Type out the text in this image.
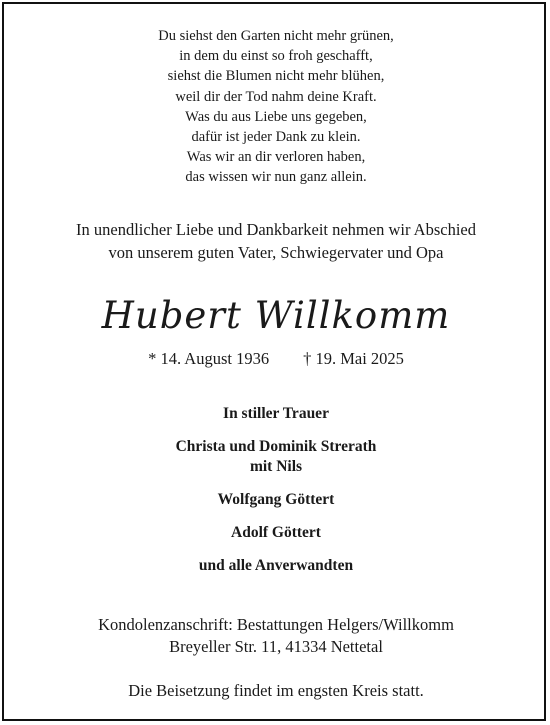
Du siehst den Garten nicht mehr grünen,
in dem du einst so froh geschafft,
siehst die Blumen nicht mehr blühen,
weil dir der Tod nahm deine Kraft.
Was du aus Liebe uns gegeben,
dafür ist jeder Dank zu klein.
Was wir an dir verloren haben,
das wissen wir nun ganz allein.
In unendlicher Liebe und Dankbarkeit nehmen wir Abschied
von unserem guten Vater, Schwiegervater und Opa
Hubert Willkomm
* 14. August 1936 † 19. Mai 2025
In stiller Trauer
Christa und Dominik Strerath
mit Nils
Wolfgang Göttert
Adolf Göttert
und alle Anverwandten
Kondolenzanschrift: Bestattungen Helgers/Willkomm
Breyeller Str. 11, 41334 Nettetal
Die Beisetzung findet im engsten Kreis statt.
